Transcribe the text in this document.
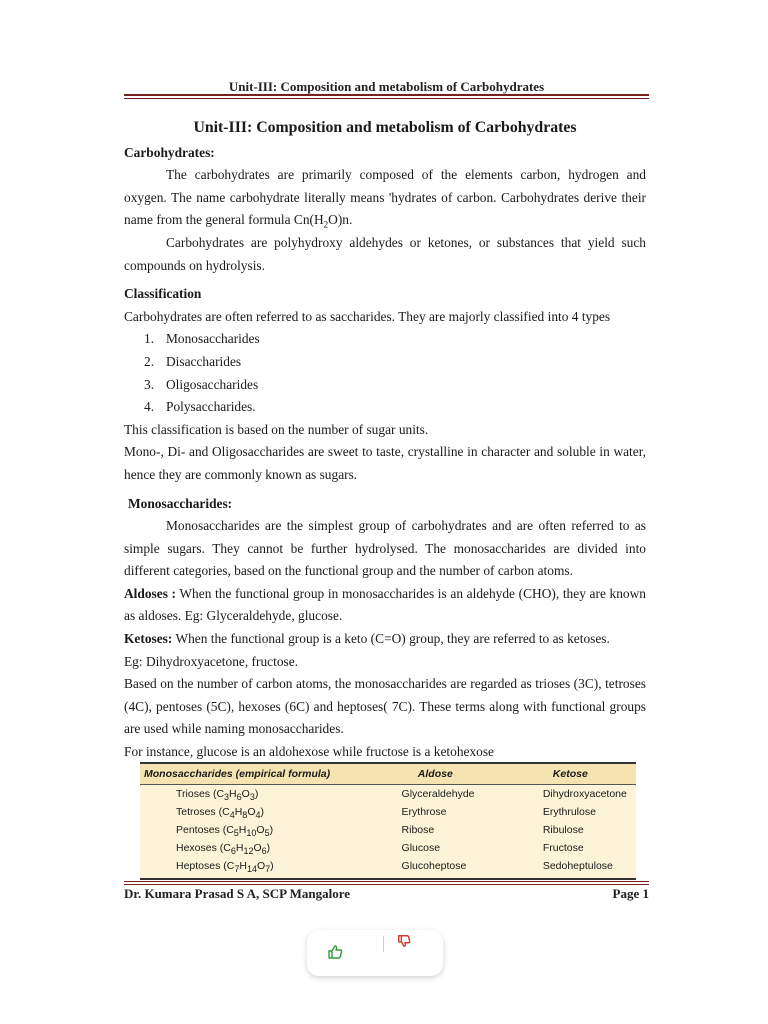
Unit-III: Composition and metabolism of Carbohydrates

Unit-III: Composition and metabolism of Carbohydrates

Carbohydrates:

The carbohydrates are primarily composed of the elements carbon, hydrogen and oxygen. The name carbohydrate literally means 'hydrates of carbon. Carbohydrates derive their name from the general formula $Cn(H_2O)n$.

Carbohydrates are polyhydroxy aldehydes or ketones, or substances that yield such compounds on hydrolysis.

Classification

Carbohydrates are often referred to as saccharides. They are majorly classified into 4 types

1. Monosaccharides
2. Disaccharides
3. Oligosaccharides
4. Polysaccharides.

This classification is based on the number of sugar units.

Mono-, Di- and Oligosaccharides are sweet to taste, crystalline in character and soluble in water, hence they are commonly known as sugars.

Monosaccharides:

Monosaccharides are the simplest group of carbohydrates and are often referred to as simple sugars. They cannot be further hydrolysed. The monosaccharides are divided into different categories, based on the functional group and the number of carbon atoms.

Aldoses : When the functional group in monosaccharides is an aldehyde (CHO), they are known as aldoses. Eg: Glyceraldehyde, glucose.

Ketoses: When the functional group is a keto (C=O) group, they are referred to as ketoses.

Eg: Dihydroxyacetone, fructose.

Based on the number of carbon atoms, the monosaccharides are regarded as trioses (3C), tetroses (4C), pentoses (5C), hexoses (6C) and heptoses( 7C). These terms along with functional groups are used while naming monosaccharides.

For instance, glucose is an aldohexose while fructose is a ketohexose

Monosaccharides (empirical formula)	Aldose	Ketose
Trioses $(C_3H_6O_3)$	Glyceraldehyde	Dihydroxyacetone
Tetroses $(C_4H_8O_4)$	Erythrose	Erythrulose
Pentoses $(C_5H_{10}O_5)$	Ribose	Ribulose
Hexoses $(C_6H_{12}O_6)$	Glucose	Fructose
Heptoses $(C_7H_{14}O_7)$	Glucoheptose	Sedoheptulose
Dr. Kumara Prasad S A, SCP Mangalore	Page 1
